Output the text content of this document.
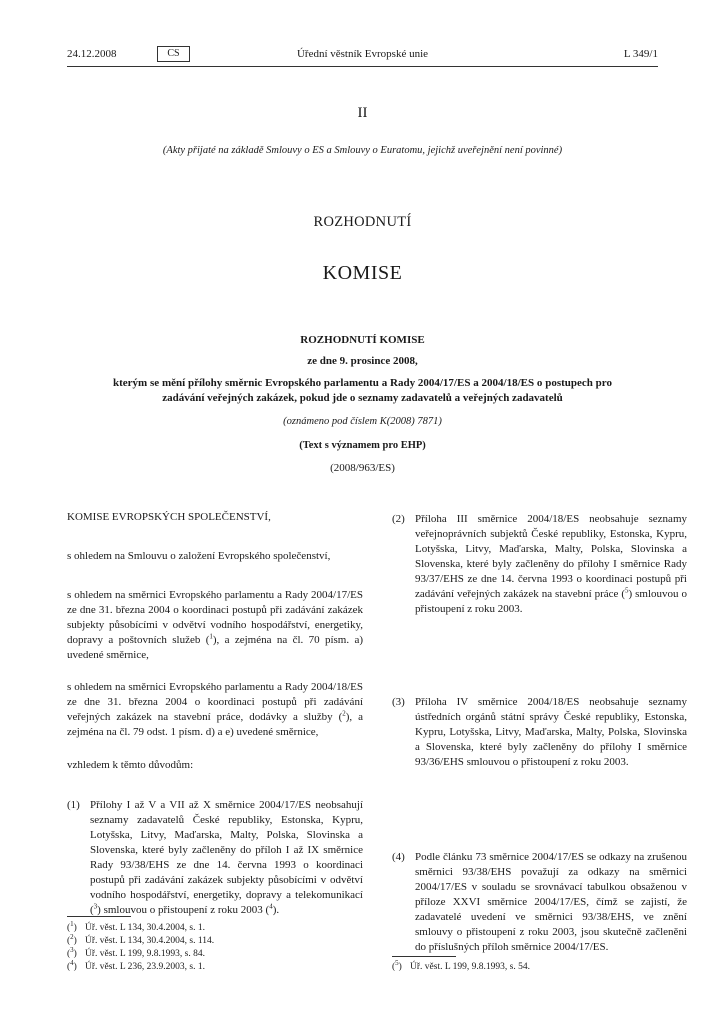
24.12.2008	CS	Úřední věstník Evropské unie	L 349/1
II
(Akty přijaté na základě Smlouvy o ES a Smlouvy o Euratomu, jejichž uveřejnění není povinné)
ROZHODNUTÍ
KOMISE
ROZHODNUTÍ KOMISE
ze dne 9. prosince 2008,
kterým se mění přílohy směrnic Evropského parlamentu a Rady 2004/17/ES a 2004/18/ES o postupech pro zadávání veřejných zakázek, pokud jde o seznamy zadavatelů a veřejných zadavatelů
(oznámeno pod číslem K(2008) 7871)
(Text s významem pro EHP)
(2008/963/ES)
KOMISE EVROPSKÝCH SPOLEČENSTVÍ,
s ohledem na Smlouvu o založení Evropského společenství,
s ohledem na směrnici Evropského parlamentu a Rady 2004/17/ES ze dne 31. března 2004 o koordinaci postupů při zadávání zakázek subjekty působícími v odvětví vodního hospodářství, energetiky, dopravy a poštovních služeb ($^1$), a zejména na čl. 70 písm. a) uvedené směrnice,
s ohledem na směrnici Evropského parlamentu a Rady 2004/18/ES ze dne 31. března 2004 o koordinaci postupů při zadávání veřejných zakázek na stavební práce, dodávky a služby ($^2$), a zejména na čl. 79 odst. 1 písm. d) a e) uvedené směrnice,
vzhledem k těmto důvodům:
(1) Přílohy I až V a VII až X směrnice 2004/17/ES neobsahují seznamy zadavatelů České republiky, Estonska, Kypru, Lotyšska, Litvy, Maďarska, Malty, Polska, Slovinska a Slovenska, které byly začleněny do příloh I až IX směrnice Rady 93/38/EHS ze dne 14. června 1993 o koordinaci postupů při zadávání zakázek subjekty působícími v odvětví vodního hospodářství, energetiky, dopravy a telekomunikací ($^3$) smlouvou o přistoupení z roku 2003 ($^4$).
($^1$) Úř. věst. L 134, 30.4.2004, s. 1.
($^2$) Úř. věst. L 134, 30.4.2004, s. 114.
($^3$) Úř. věst. L 199, 9.8.1993, s. 84.
($^4$) Úř. věst. L 236, 23.9.2003, s. 1.
(2) Příloha III směrnice 2004/18/ES neobsahuje seznamy veřejnoprávních subjektů České republiky, Estonska, Kypru, Lotyšska, Litvy, Maďarska, Malty, Polska, Slovinska a Slovenska, které byly začleněny do přílohy I směrnice Rady 93/37/EHS ze dne 14. června 1993 o koordinaci postupů při zadávání veřejných zakázek na stavební práce ($^5$) smlouvou o přistoupení z roku 2003.
(3) Příloha IV směrnice 2004/18/ES neobsahuje seznamy ústředních orgánů státní správy České republiky, Estonska, Kypru, Lotyšska, Litvy, Maďarska, Malty, Polska, Slovinska a Slovenska, které byly začleněny do přílohy I směrnice 93/36/EHS smlouvou o přistoupení z roku 2003.
(4) Podle článku 73 směrnice 2004/17/ES se odkazy na zrušenou směrnici 93/38/EHS považují za odkazy na směrnici 2004/17/ES v souladu se srovnávací tabulkou obsaženou v příloze XXVI směrnice 2004/17/ES, čímž se zajistí, že zadavatelé uvedení ve směrnici 93/38/EHS, ve znění smlouvy o přistoupení z roku 2003, jsou skutečně začleněni do příslušných příloh směrnice 2004/17/ES.
($^5$) Úř. věst. L 199, 9.8.1993, s. 54.
